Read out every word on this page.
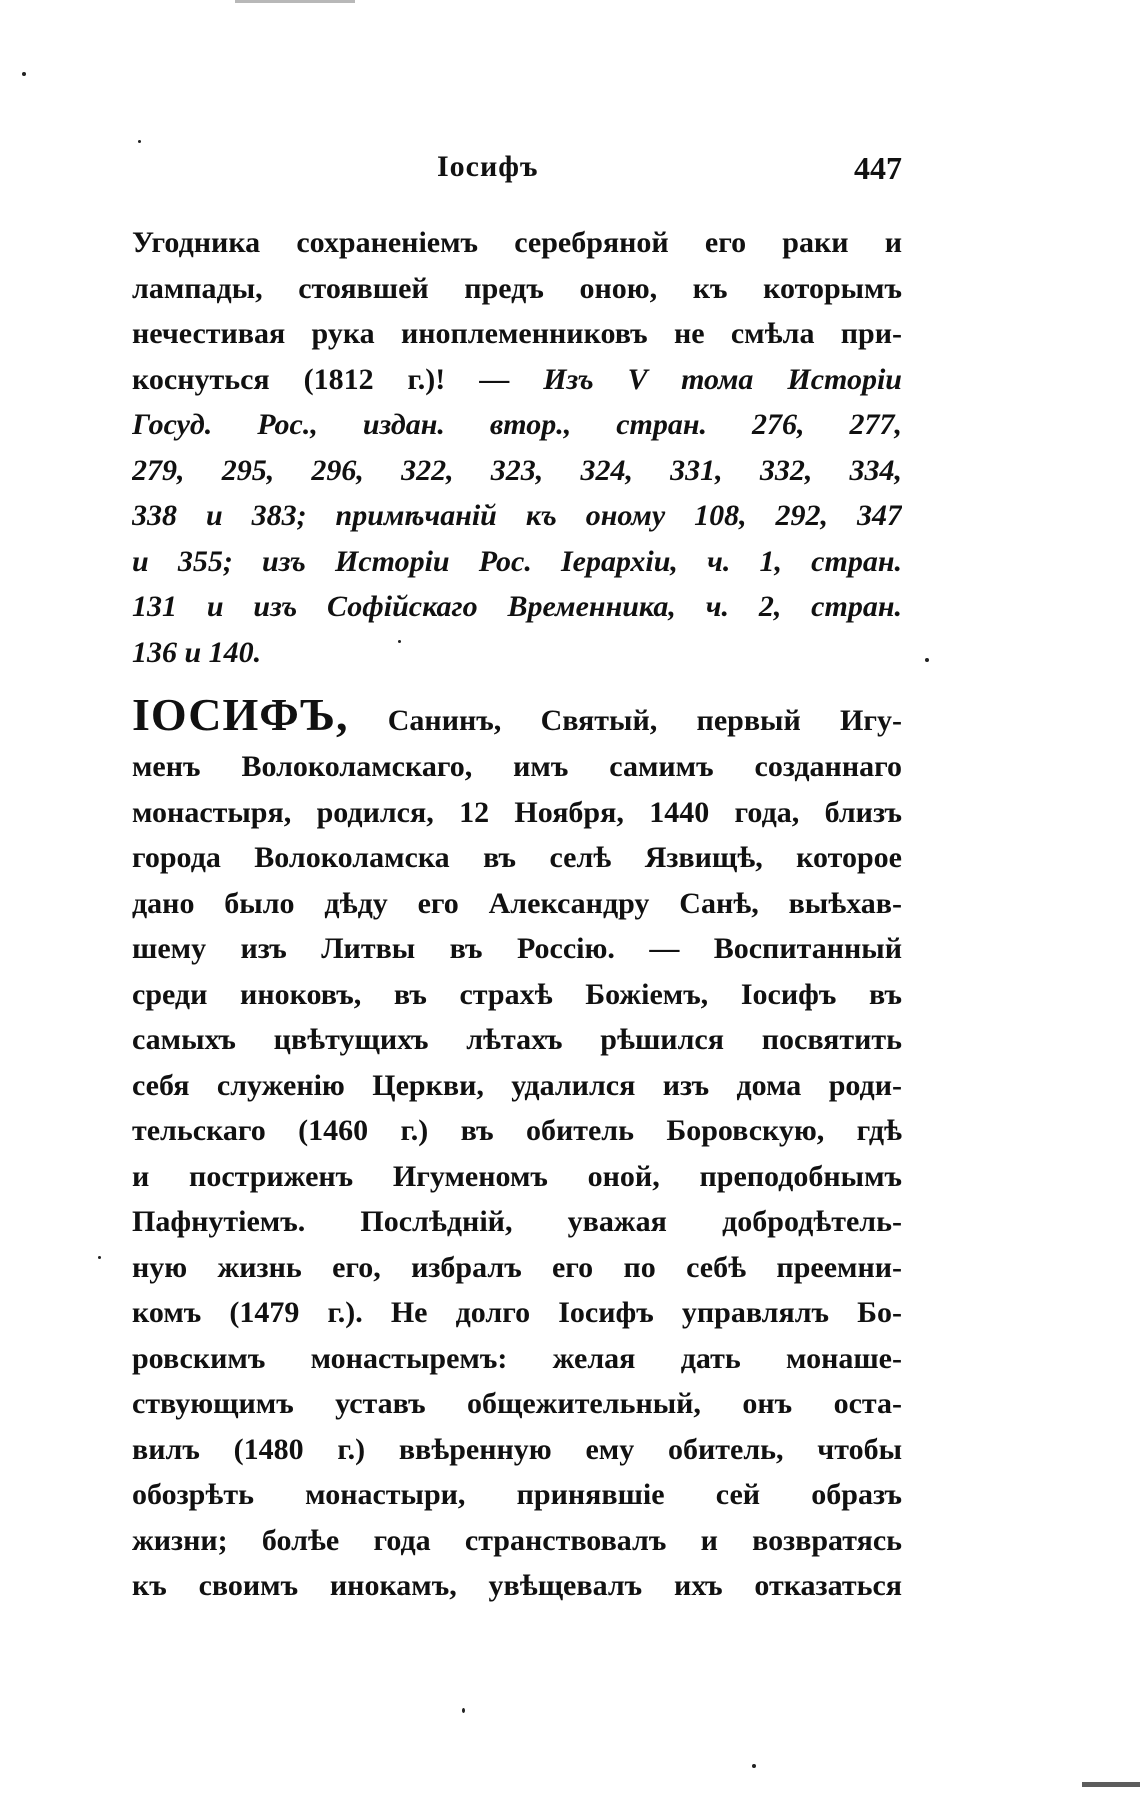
Іосифъ	447
Угодника сохраненіемъ серебряной его раки и
лампады, стоявшей предъ оною, къ которымъ
нечестивая рука иноплеменниковъ не смѣла при-
коснуться (1812 г.)! — Изъ V тома Исторіи
Госуд. Рос., издан. втор., стран. 276, 277,
279, 295, 296, 322, 323, 324, 331, 332, 334,
338 и 383; примѣчаній къ оному 108, 292, 347
и 355; изъ Исторіи Рос. Іерархіи, ч. 1, стран.
131 и изъ Софійскаго Временника, ч. 2, стран.
136 и 140.
ІОСИФЪ, Санинъ, Святый, первый Игу-
менъ Волоколамскаго, имъ самимъ созданнаго
монастыря, родился, 12 Ноября, 1440 года, близъ
города Волоколамска въ селѣ Язвищѣ, которое
дано было дѣду его Александру Санѣ, выѣхав-
шему изъ Литвы въ Россію. — Воспитанный
среди иноковъ, въ страхѣ Божіемъ, Іосифъ въ
самыхъ цвѣтущихъ лѣтахъ рѣшился посвятить
себя служенію Церкви, удалился изъ дома роди-
тельскаго (1460 г.) въ обитель Боровскую, гдѣ
и постриженъ Игуменомъ оной, преподобнымъ
Пафнутіемъ. Послѣдній, уважая добродѣтель-
ную жизнь его, избралъ его по себѣ преемни-
комъ (1479 г.). Не долго Іосифъ управлялъ Бо-
ровскимъ монастыремъ: желая дать монаше-
ствующимъ уставъ общежительный, онъ оста-
вилъ (1480 г.) ввѣренную ему обитель, чтобы
обозрѣть монастыри, принявшіе сей образъ
жизни; болѣе года странствовалъ и возвратясь
къ своимъ инокамъ, увѣщевалъ ихъ отказаться
